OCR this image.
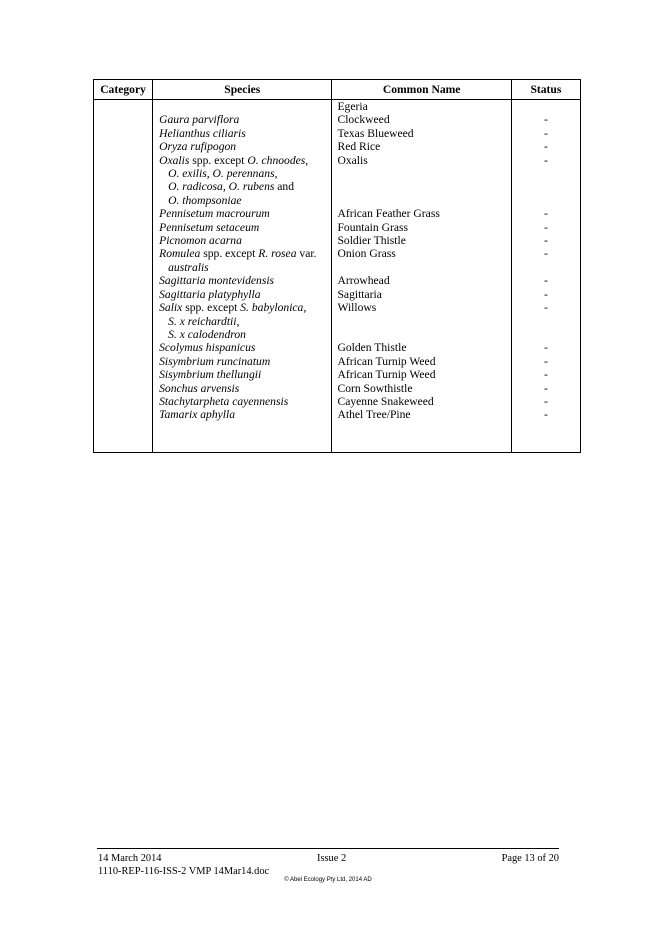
Category	Species	Common Name	Status
		Egeria	

	Gaura parviflora	Clockweed	-

	Helianthus ciliaris	Texas Blueweed	-

	Oryza rufipogon	Red Rice	-

	Oxalis spp. except O. chnoodes,
O. exilis, O. perennans,
O. radicosa, O. rubens and
O. thompsoniae	Oxalis	-

	Pennisetum macrourum	African Feather Grass	-

	Pennisetum setaceum	Fountain Grass	-

	Picnomon acarna	Soldier Thistle	-

	Romulea spp. except R. rosea var.
australis	Onion Grass	-

	Sagittaria montevidensis	Arrowhead	-

	Sagittaria platyphylla	Sagittaria	-

	Salix spp. except S. babylonica,
S. x reichardtii,
S. x calodendron	Willows	-

	Scolymus hispanicus	Golden Thistle	-

	Sisymbrium runcinatum	African Turnip Weed	-

	Sisymbrium thellungii	African Turnip Weed	-

	Sonchus arvensis	Corn Sowthistle	-

	Stachytarpheta cayennensis	Cayenne Snakeweed	-

	Tamarix aphylla	Athel Tree/Pine	-

14 March 2014	Issue 2	Page 13 of 20
1110-REP-116-ISS-2 VMP 14Mar14.doc
© Abel Ecology Pty Ltd, 2014 AD
